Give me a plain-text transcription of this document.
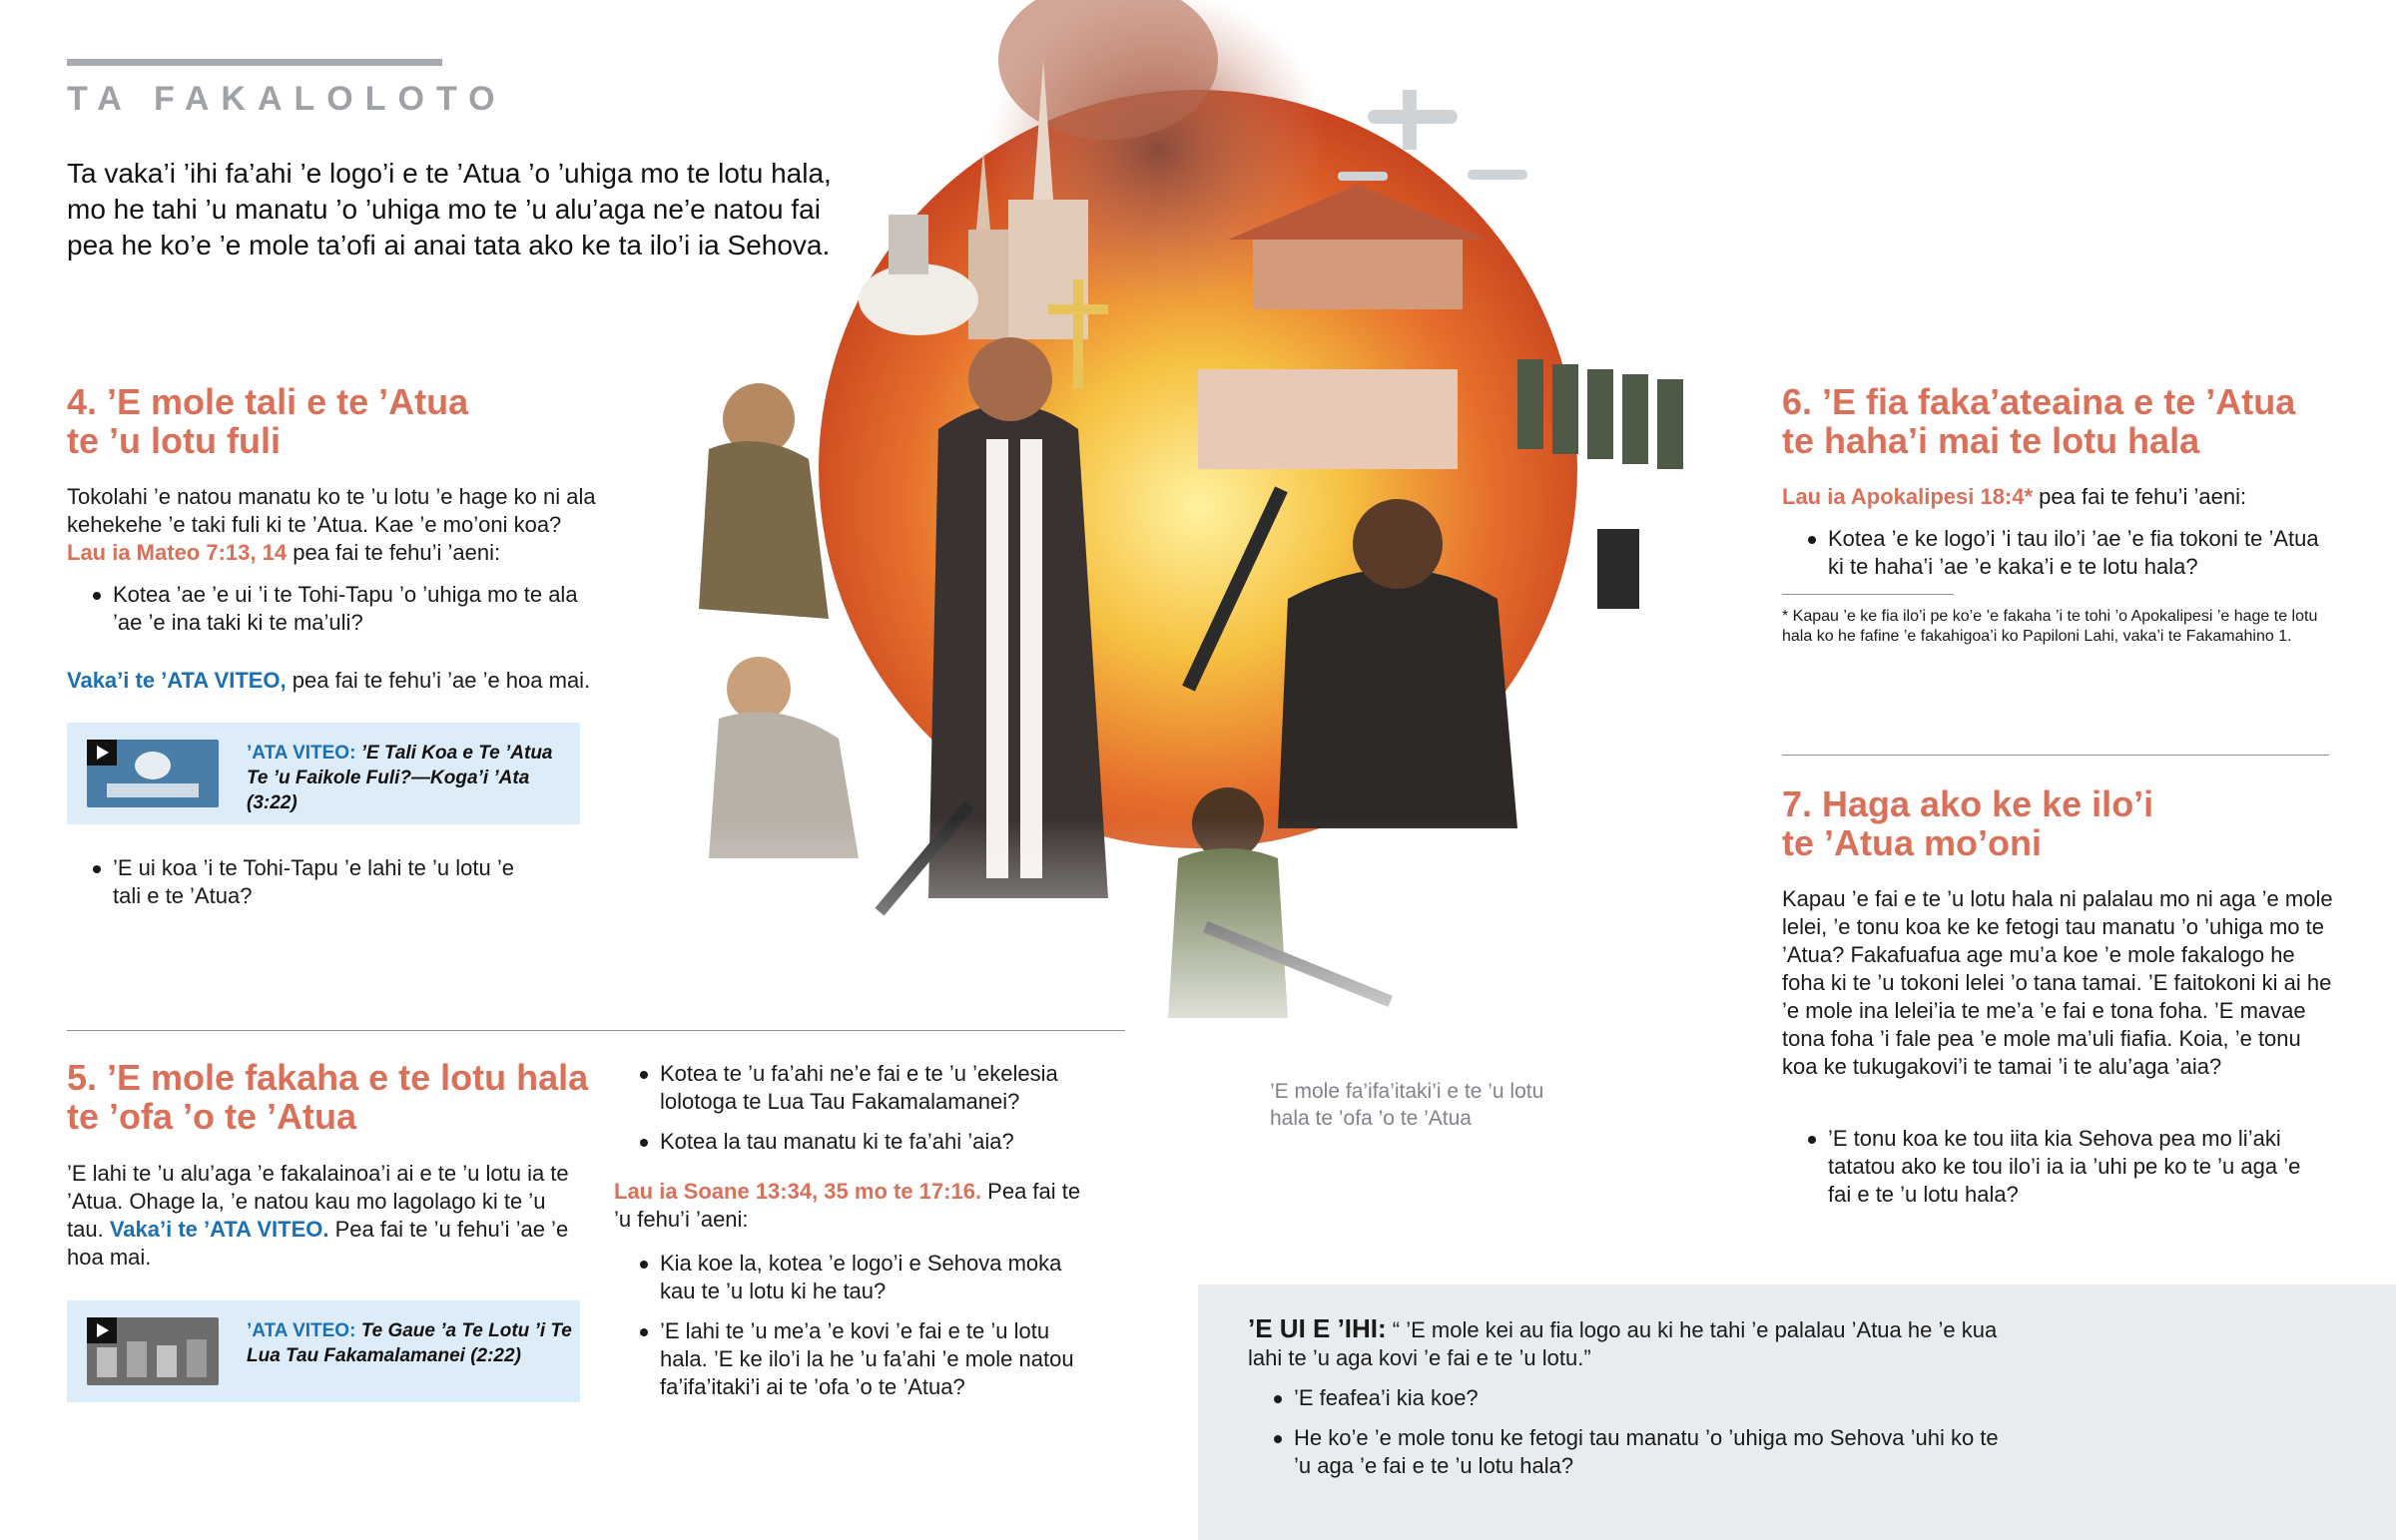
TA FAKALOLOTO
Ta vaka’i ’ihi fa’ahi ’e logo’i e te ’Atua ’o ’uhiga mo te lotu hala, mo he tahi ’u manatu ’o ’uhiga mo te ’u alu’aga ne’e natou fai pea he ko’e ’e mole ta’ofi ai anai tata ako ke ta ilo’i ia Sehova.
’E mole fa’ifa’itaki’i e te ’u lotu hala te ’ofa ’o te ’Atua
4. ’E mole tali e te ’Atua
te ’u lotu fuli
Tokolahi ’e natou manatu ko te ’u lotu ’e hage ko ni ala kehekehe ’e taki fuli ki te ’Atua. Kae ’e mo’oni koa?
Lau ia Mateo 7:13, 14 pea fai te fehu’i ’aeni:
Kotea ’ae ’e ui ’i te Tohi-Tapu ’o ’uhiga mo te ala ’ae ’e ina taki ki te ma’uli?
Vaka’i te ’ATA VITEO, pea fai te fehu’i ’ae ’e hoa mai.
’ATA VITEO: ’E Tali Koa e Te ’Atua Te ’u Faikole Fuli?—Koga’i ’Ata (3:22)
’E ui koa ’i te Tohi-Tapu ’e lahi te ’u lotu ’e tali e te ’Atua?
5. ’E mole fakaha e te lotu hala
te ’ofa ’o te ’Atua
’E lahi te ’u alu’aga ’e fakalainoa’i ai e te ’u lotu ia te ’Atua. Ohage la, ’e natou kau mo lagolago ki te ’u tau. Vaka’i te ’ATA VITEO. Pea fai te ’u fehu’i ’ae ’e hoa mai.
’ATA VITEO: Te Gaue ’a Te Lotu ’i Te Lua Tau Fakamalamanei (2:22)
Kotea te ’u fa’ahi ne’e fai e te ’u ’ekelesia lolotoga te Lua Tau Fakamalamanei?
Kotea la tau manatu ki te fa’ahi ’aia?
Lau ia Soane 13:34, 35 mo te 17:16. Pea fai te ’u fehu’i ’aeni:
Kia koe la, kotea ’e logo’i e Sehova moka kau te ’u lotu ki he tau?
’E lahi te ’u me’a ’e kovi ’e fai e te ’u lotu hala. ’E ke ilo’i la he ’u fa’ahi ’e mole natou fa’ifa’itaki’i ai te ’ofa ’o te ’Atua?
6. ’E fia faka’ateaina e te ’Atua
te haha’i mai te lotu hala
Lau ia Apokalipesi 18:4* pea fai te fehu’i ’aeni:
Kotea ’e ke logo’i ’i tau ilo’i ’ae ’e fia tokoni te ’Atua ki te haha’i ’ae ’e kaka’i e te lotu hala?
* Kapau ’e ke fia ilo’i pe ko’e ’e fakaha ’i te tohi ’o Apokalipesi ’e hage te lotu hala ko he fafine ’e fakahigoa’i ko Papiloni Lahi, vaka’i te Fakamahino 1.
7. Haga ako ke ke ilo’i
te ’Atua mo’oni
Kapau ’e fai e te ’u lotu hala ni palalau mo ni aga ’e mole lelei, ’e tonu koa ke ke fetogi tau manatu ’o ’uhiga mo te ’Atua? Fakafuafua age mu’a koe ’e mole fakalogo he foha ki te ’u tokoni lelei ’o tana tamai. ’E faitokoni ki ai he ’e mole ina lelei’ia te me’a ’e fai e tona foha. ’E mavae tona foha ’i fale pea ’e mole ma’uli fiafia. Koia, ’e tonu koa ke tukugakovi’i te tamai ’i te alu’aga ’aia?
’E tonu koa ke tou iita kia Sehova pea mo li’aki tatatou ako ke tou ilo’i ia ia ’uhi pe ko te ’u aga ’e fai e te ’u lotu hala?
’E UI E ’IHI: “ ’E mole kei au fia logo au ki he tahi ’e palalau ’Atua he ’e kua lahi te ’u aga kovi ’e fai e te ’u lotu.”
’E feafea’i kia koe?
He ko’e ’e mole tonu ke fetogi tau manatu ’o ’uhiga mo Sehova ’uhi ko te ’u aga ’e fai e te ’u lotu hala?
